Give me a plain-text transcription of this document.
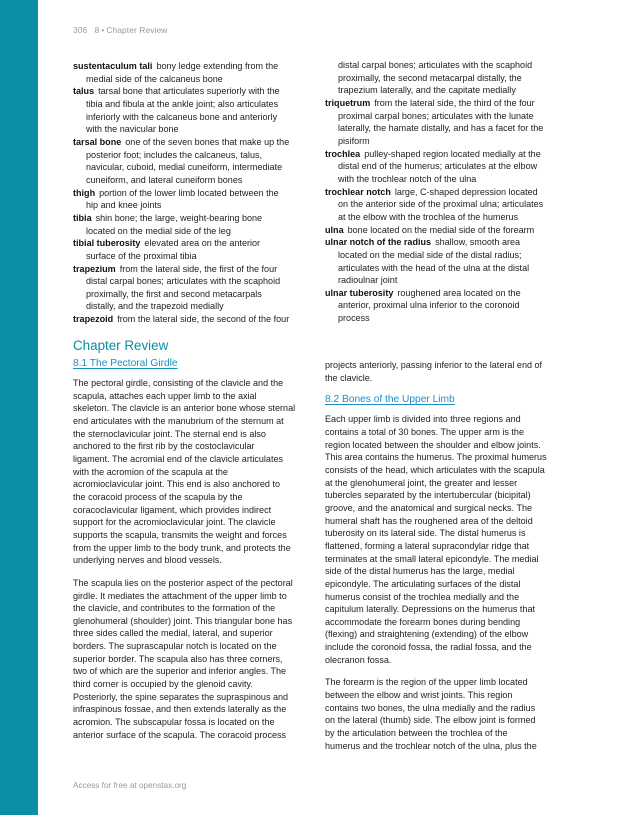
306 8 • Chapter Review
sustentaculum tali bony ledge extending from the
medial side of the calcaneus bone
talus tarsal bone that articulates superiorly with the
tibia and fibula at the ankle joint; also articulates
inferiorly with the calcaneus bone and anteriorly
with the navicular bone
tarsal bone one of the seven bones that make up the
posterior foot; includes the calcaneus, talus,
navicular, cuboid, medial cuneiform, intermediate
cuneiform, and lateral cuneiform bones
thigh portion of the lower limb located between the
hip and knee joints
tibia shin bone; the large, weight-bearing bone
located on the medial side of the leg
tibial tuberosity elevated area on the anterior
surface of the proximal tibia
trapezium from the lateral side, the first of the four
distal carpal bones; articulates with the scaphoid
proximally, the first and second metacarpals
distally, and the trapezoid medially
trapezoid from the lateral side, the second of the four
distal carpal bones; articulates with the scaphoid
proximally, the second metacarpal distally, the
trapezium laterally, and the capitate medially
triquetrum from the lateral side, the third of the four
proximal carpal bones; articulates with the lunate
laterally, the hamate distally, and has a facet for the
pisiform
trochlea pulley-shaped region located medially at the
distal end of the humerus; articulates at the elbow
with the trochlear notch of the ulna
trochlear notch large, C-shaped depression located
on the anterior side of the proximal ulna; articulates
at the elbow with the trochlea of the humerus
ulna bone located on the medial side of the forearm
ulnar notch of the radius shallow, smooth area
located on the medial side of the distal radius;
articulates with the head of the ulna at the distal
radioulnar joint
ulnar tuberosity roughened area located on the
anterior, proximal ulna inferior to the coronoid
process
Chapter Review
8.1 The Pectoral Girdle

The pectoral girdle, consisting of the clavicle and the
scapula, attaches each upper limb to the axial
skeleton. The clavicle is an anterior bone whose sternal
end articulates with the manubrium of the sternum at
the sternoclavicular joint. The sternal end is also
anchored to the first rib by the costoclavicular
ligament. The acromial end of the clavicle articulates
with the acromion of the scapula at the
acromioclavicular joint. This end is also anchored to
the coracoid process of the scapula by the
coracoclavicular ligament, which provides indirect
support for the acromioclavicular joint. The clavicle
supports the scapula, transmits the weight and forces
from the upper limb to the body trunk, and protects the
underlying nerves and blood vessels.

The scapula lies on the posterior aspect of the pectoral
girdle. It mediates the attachment of the upper limb to
the clavicle, and contributes to the formation of the
glenohumeral (shoulder) joint. This triangular bone has
three sides called the medial, lateral, and superior
borders. The suprascapular notch is located on the
superior border. The scapula also has three corners,
two of which are the superior and inferior angles. The
third corner is occupied by the glenoid cavity.
Posteriorly, the spine separates the supraspinous and
infraspinous fossae, and then extends laterally as the
acromion. The subscapular fossa is located on the
anterior surface of the scapula. The coracoid process

projects anteriorly, passing inferior to the lateral end of
the clavicle.

8.2 Bones of the Upper Limb

Each upper limb is divided into three regions and
contains a total of 30 bones. The upper arm is the
region located between the shoulder and elbow joints.
This area contains the humerus. The proximal humerus
consists of the head, which articulates with the scapula
at the glenohumeral joint, the greater and lesser
tubercles separated by the intertubercular (bicipital)
groove, and the anatomical and surgical necks. The
humeral shaft has the roughened area of the deltoid
tuberosity on its lateral side. The distal humerus is
flattened, forming a lateral supracondylar ridge that
terminates at the small lateral epicondyle. The medial
side of the distal humerus has the large, medial
epicondyle. The articulating surfaces of the distal
humerus consist of the trochlea medially and the
capitulum laterally. Depressions on the humerus that
accommodate the forearm bones during bending
(flexing) and straightening (extending) of the elbow
include the coronoid fossa, the radial fossa, and the
olecranon fossa.

The forearm is the region of the upper limb located
between the elbow and wrist joints. This region
contains two bones, the ulna medially and the radius
on the lateral (thumb) side. The elbow joint is formed
by the articulation between the trochlea of the
humerus and the trochlear notch of the ulna, plus the

Access for free at openstax.org
